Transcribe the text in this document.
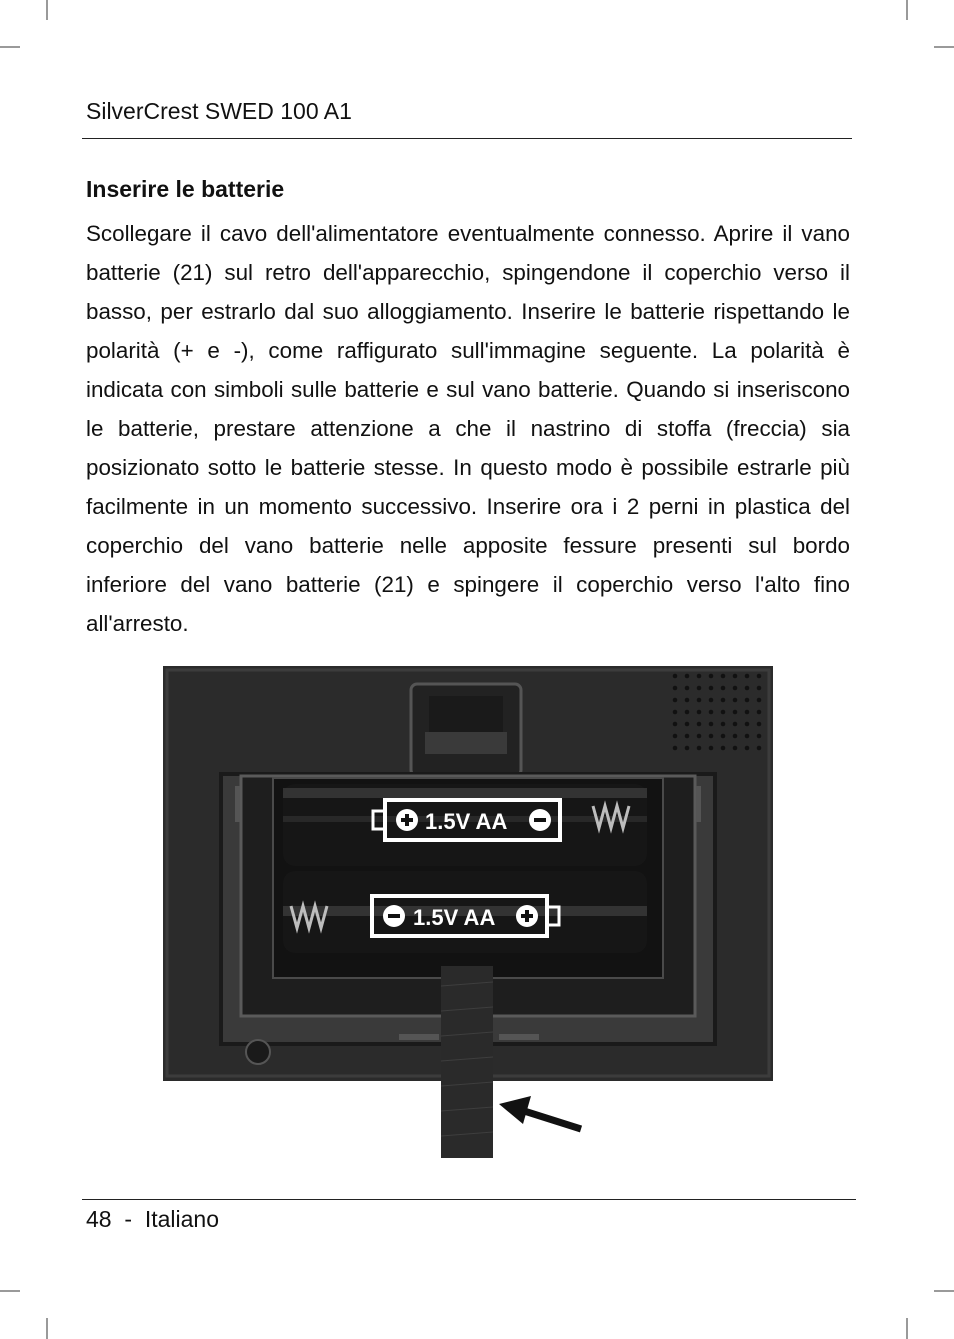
SilverCrest SWED 100 A1
Inserire le batterie

Scollegare il cavo dell'alimentatore eventualmente connesso. Aprire il vano batterie (21) sul retro dell'apparecchio, spingendone il coperchio verso il basso, per estrarlo dal suo alloggiamento. Inserire le batterie rispettando le polarità (+ e -), come raffigurato sull'immagine seguente. La polarità è indicata con simboli sulle batterie e sul vano batterie. Quando si inseriscono le batterie, prestare attenzione a che il nastrino di stoffa (freccia) sia posizionato sotto le batterie stesse. In questo modo è possibile estrarle più facilmente in un momento successivo. Inserire ora i 2 perni in plastica del coperchio del vano batterie nelle apposite fessure presenti sul bordo inferiore del vano batterie (21) e spingere il coperchio verso l'alto fino all'arresto.

1.5V AA
1.5V AA
48 - Italiano
